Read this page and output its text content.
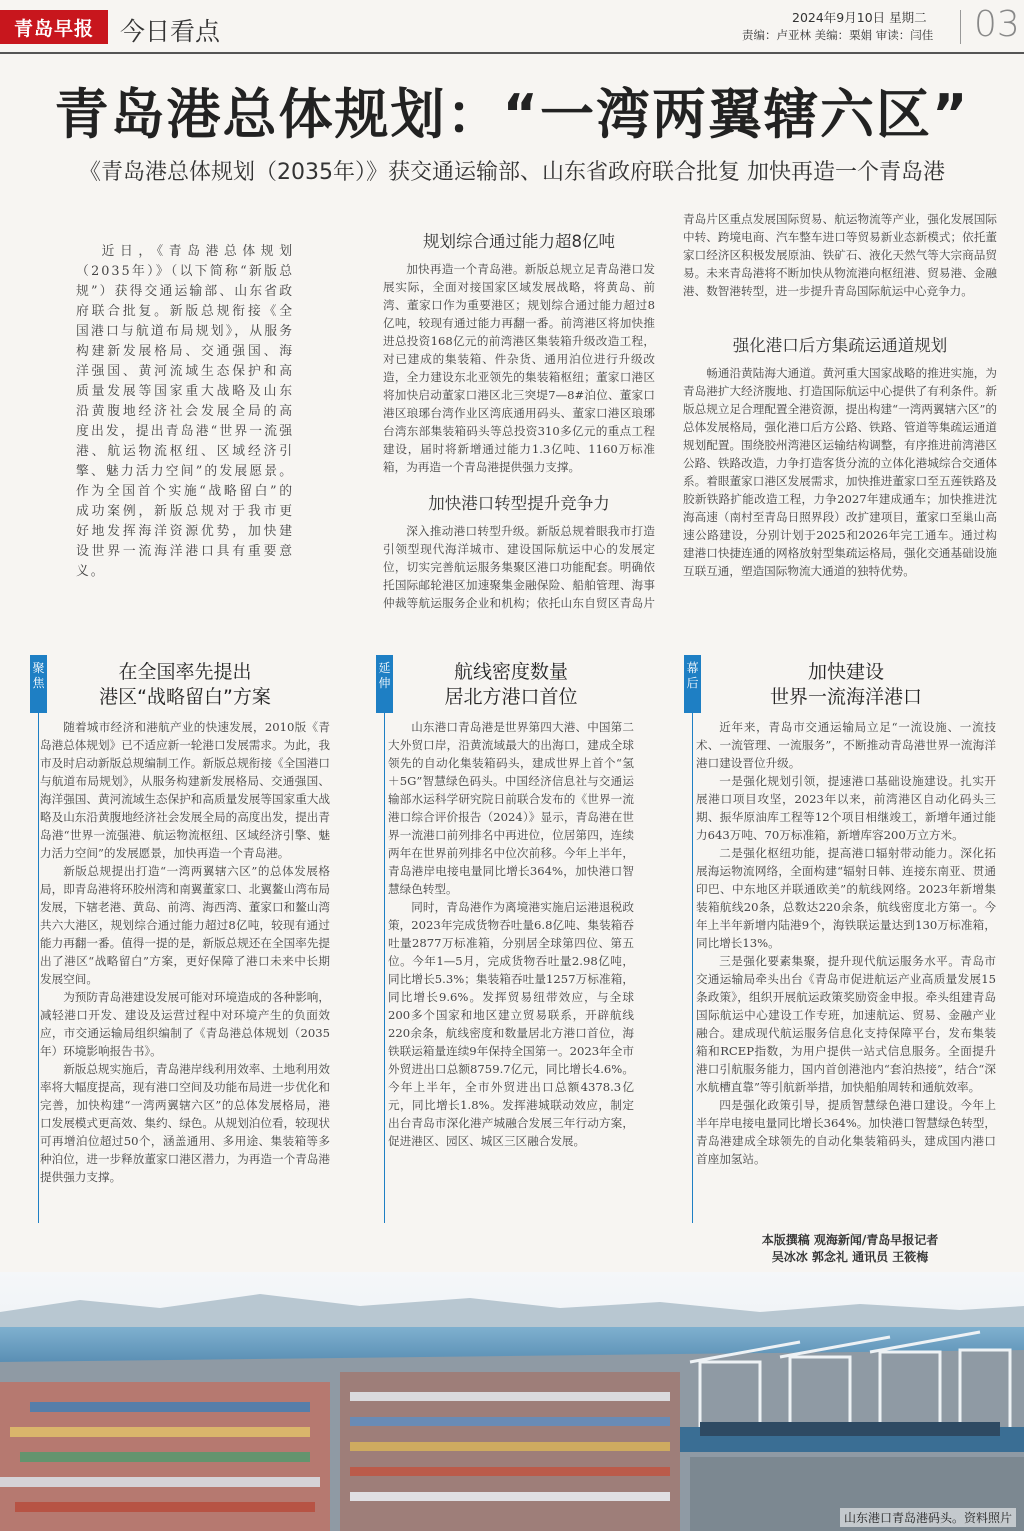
青岛早报	今日看点	2024年9月10日 星期二
责编：卢亚林 美编：栗娟 审读：闫佳 03
青岛港总体规划：“一湾两翼辖六区”
《青岛港总体规划（2035年）》获交通运输部、山东省政府联合批复 加快再造一个青岛港

近日，《青岛港总体规划（2035年）》（以下简称“新版总规”）获得交通运输部、山东省政府联合批复。新版总规衔接《全国港口与航道布局规划》，从服务构建新发展格局、交通强国、海洋强国、黄河流域生态保护和高质量发展等国家重大战略及山东沿黄腹地经济社会发展全局的高度出发，提出青岛港“世界一流强港、航运物流枢纽、区域经济引擎、魅力活力空间”的发展愿景。作为全国首个实施“战略留白”的成功案例，新版总规对于我市更好地发挥海洋资源优势，加快建设世界一流海洋港口具有重要意义。

规划综合通过能力超8亿吨

加快再造一个青岛港。新版总规立足青岛港口发展实际，全面对接国家区域发展战略，将黄岛、前湾、董家口作为重要港区；规划综合通过能力超过8亿吨，较现有通过能力再翻一番。前湾港区将加快推进总投资168亿元的前湾港区集装箱升级改造工程，对已建成的集装箱、件杂货、通用泊位进行升级改造，全力建设东北亚领先的集装箱枢纽；董家口港区将加快启动董家口港区北三突堤7—8#泊位、董家口港区琅琊台湾作业区湾底通用码头、董家口港区琅琊台湾东部集装箱码头等总投资310多亿元的重点工程建设，届时将新增通过能力1.3亿吨、1160万标准箱，为再造一个青岛港提供强力支撑。

加快港口转型提升竞争力

深入推动港口转型升级。新版总规着眼我市打造引领型现代海洋城市、建设国际航运中心的发展定位，切实完善航运服务集聚区港口功能配套。明确依托国际邮轮港区加速聚集金融保险、船舶管理、海事仲裁等航运服务企业和机构；依托山东自贸区青岛片

青岛片区重点发展国际贸易、航运物流等产业，强化发展国际中转、跨境电商、汽车整车进口等贸易新业态新模式；依托董家口经济区积极发展原油、铁矿石、液化天然气等大宗商品贸易。未来青岛港将不断加快从物流港向枢纽港、贸易港、金融港、数智港转型，进一步提升青岛国际航运中心竞争力。

强化港口后方集疏运通道规划

畅通沿黄陆海大通道。黄河重大国家战略的推进实施，为青岛港扩大经济腹地、打造国际航运中心提供了有利条件。新版总规立足合理配置全港资源，提出构建“一湾两翼辖六区”的总体发展格局，强化港口后方公路、铁路、管道等集疏运通道规划配置。围绕胶州湾港区运输结构调整，有序推进前湾港区公路、铁路改造，力争打造客货分流的立体化港城综合交通体系。着眼董家口港区发展需求，加快推进董家口至五莲铁路及胶新铁路扩能改造工程，力争2027年建成通车；加快推进沈海高速（南村至青岛日照界段）改扩建项目，董家口至巢山高速公路建设，分别计划于2025和2026年完工通车。通过构建港口快捷连通的网格放射型集疏运格局，强化交通基础设施互联互通，塑造国际物流大通道的独特优势。

聚焦	在全国率先提出
港区“战略留白”方案

随着城市经济和港航产业的快速发展，2010版《青岛港总体规划》已不适应新一轮港口发展需求。为此，我市及时启动新版总规编制工作。新版总规衔接《全国港口与航道布局规划》，从服务构建新发展格局、交通强国、海洋强国、黄河流域生态保护和高质量发展等国家重大战略及山东沿黄腹地经济社会发展全局的高度出发，提出青岛港“世界一流强港、航运物流枢纽、区域经济引擎、魅力活力空间”的发展愿景，加快再造一个青岛港。

新版总规提出打造“一湾两翼辖六区”的总体发展格局，即青岛港将环胶州湾和南翼董家口、北翼鳌山湾布局发展，下辖老港、黄岛、前湾、海西湾、董家口和鳌山湾共六大港区，规划综合通过能力超过8亿吨，较现有通过能力再翻一番。值得一提的是，新版总规还在全国率先提出了港区“战略留白”方案，更好保障了港口未来中长期发展空间。

为预防青岛港建设发展可能对环境造成的各种影响，减轻港口开发、建设及运营过程中对环境产生的负面效应，市交通运输局组织编制了《青岛港总体规划（2035年）环境影响报告书》。

新版总规实施后，青岛港岸线利用效率、土地利用效率将大幅度提高，现有港口空间及功能布局进一步优化和完善，加快构建“一湾两翼辖六区”的总体发展格局，港口发展模式更高效、集约、绿色。从规划泊位看，较现状可再增泊位超过50个，涵盖通用、多用途、集装箱等多种泊位，进一步释放董家口港区潜力，为再造一个青岛港提供强力支撑。

延伸	航线密度数量
居北方港口首位

山东港口青岛港是世界第四大港、中国第二大外贸口岸，沿黄流域最大的出海口，建成全球领先的自动化集装箱码头，建成世界上首个“氢＋5G”智慧绿色码头。中国经济信息社与交通运输部水运科学研究院日前联合发布的《世界一流港口综合评价报告（2024）》显示，青岛港在世界一流港口前列排名中再进位，位居第四，连续两年在世界前列排名中位次前移。今年上半年，青岛港岸电接电量同比增长364%，加快港口智慧绿色转型。

同时，青岛港作为离境港实施启运港退税政策，2023年完成货物吞吐量6.8亿吨、集装箱吞吐量2877万标准箱，分别居全球第四位、第五位。今年1—5月，完成货物吞吐量2.98亿吨，同比增长5.3%；集装箱吞吐量1257万标准箱，同比增长9.6%。发挥贸易纽带效应，与全球200多个国家和地区建立贸易联系，开辟航线220余条，航线密度和数量居北方港口首位，海铁联运箱量连续9年保持全国第一。2023年全市外贸进出口总额8759.7亿元，同比增长4.6%。今年上半年，全市外贸进出口总额4378.3亿元，同比增长1.8%。发挥港城联动效应，制定出台青岛市深化港产城融合发展三年行动方案，促进港区、园区、城区三区融合发展。

幕后	加快建设
世界一流海洋港口

近年来，青岛市交通运输局立足“一流设施、一流技术、一流管理、一流服务”，不断推动青岛港世界一流海洋港口建设晋位升级。

一是强化规划引领，提速港口基础设施建设。扎实开展港口项目攻坚，2023年以来，前湾港区自动化码头三期、振华原油库工程等12个项目相继竣工，新增年通过能力643万吨、70万标准箱，新增库容200万立方米。

二是强化枢纽功能，提高港口辐射带动能力。深化拓展海运物流网络，全面构建“辐射日韩、连接东南亚、贯通印巴、中东地区并联通欧美”的航线网络。2023年新增集装箱航线20条，总数达220余条，航线密度北方第一。今年上半年新增内陆港9个，海铁联运量达到130万标准箱，同比增长13%。

三是强化要素集聚，提升现代航运服务水平。青岛市交通运输局牵头出台《青岛市促进航运产业高质量发展15条政策》，组织开展航运政策奖励资金申报。牵头组建青岛国际航运中心建设工作专班，加速航运、贸易、金融产业融合。建成现代航运服务信息化支持保障平台，发布集装箱和RCEP指数，为用户提供一站式信息服务。全面提升港口引航服务能力，国内首创港池内“套泊热接”，结合“深水航槽直靠”等引航新举措，加快船舶周转和通航效率。

四是强化政策引导，提质智慧绿色港口建设。今年上半年岸电接电量同比增长364%。加快港口智慧绿色转型，青岛港建成全球领先的自动化集装箱码头，建成国内港口首座加氢站。

本版撰稿 观海新闻/青岛早报记者
吴冰冰 郭念礼 通讯员 王筱梅
山东港口青岛港码头。资料照片
